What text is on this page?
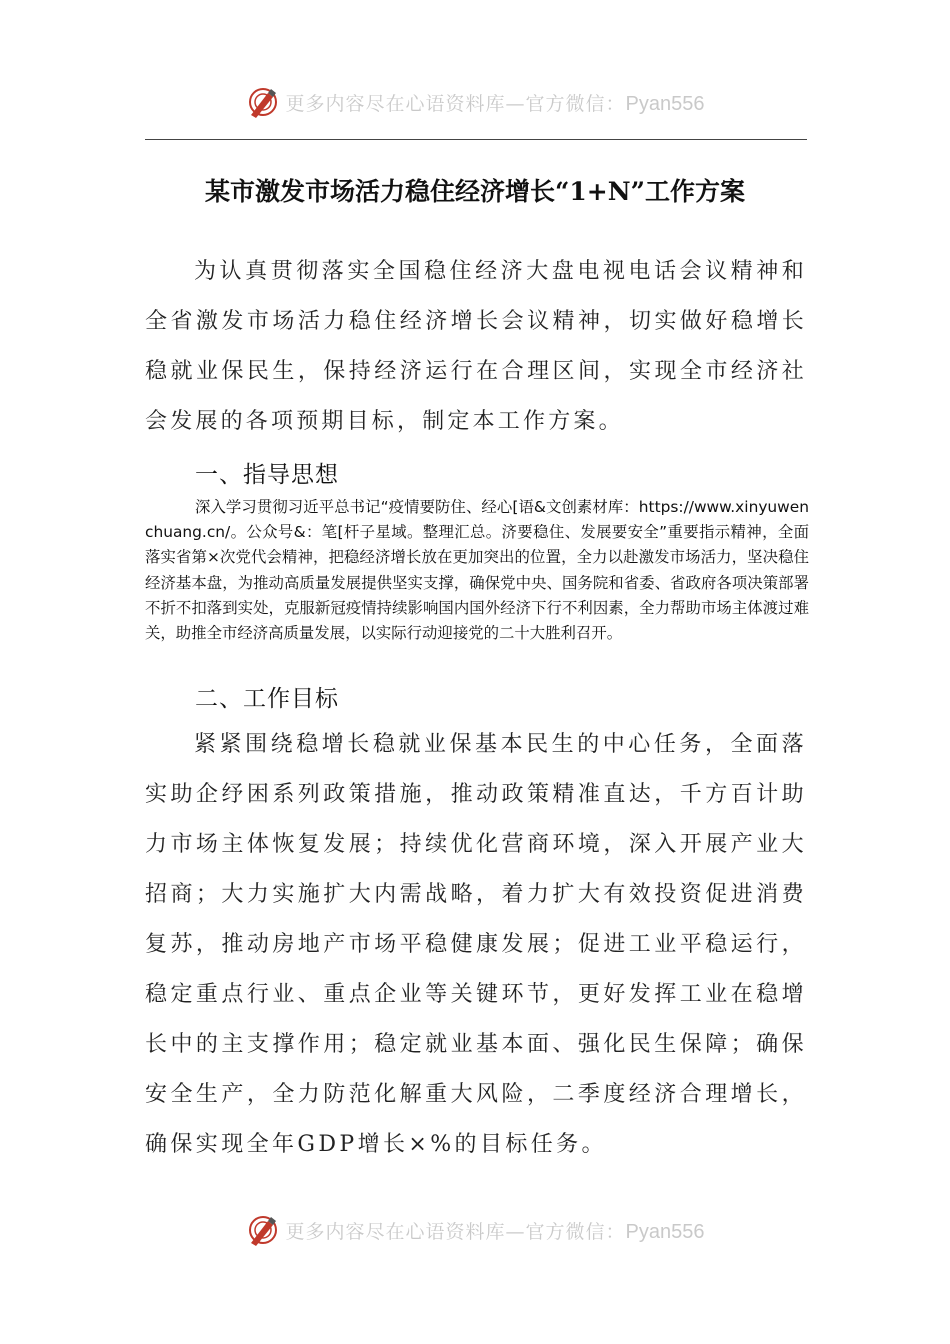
更多内容尽在心语资料库—官方微信：Pyan556
某市激发市场活力稳住经济增长“1+N”工作方案

为认真贯彻落实全国稳住经济大盘电视电话会议精神和全省激发市场活力稳住经济增长会议精神，切实做好稳增长稳就业保民生，保持经济运行在合理区间，实现全市经济社会发展的各项预期目标，制定本工作方案。

一、指导思想

深入学习贯彻习近平总书记“疫情要防住、经心[语&文创素材库：https://www.xinyuwenchuang.cn/。公众号&：笔[杆子星域。整理汇总。济要稳住、发展要安全”重要指示精神，全面落实省第×次党代会精神，把稳经济增长放在更加突出的位置，全力以赴激发市场活力，坚决稳住经济基本盘，为推动高质量发展提供坚实支撑，确保党中央、国务院和省委、省政府各项决策部署不折不扣落到实处，克服新冠疫情持续影响国内国外经济下行不利因素，全力帮助市场主体渡过难关，助推全市经济高质量发展，以实际行动迎接党的二十大胜利召开。

二、工作目标

紧紧围绕稳增长稳就业保基本民生的中心任务，全面落实助企纾困系列政策措施，推动政策精准直达，千方百计助力市场主体恢复发展；持续优化营商环境，深入开展产业大招商；大力实施扩大内需战略，着力扩大有效投资促进消费复苏，推动房地产市场平稳健康发展；促进工业平稳运行，稳定重点行业、重点企业等关键环节，更好发挥工业在稳增长中的主支撑作用；稳定就业基本面、强化民生保障；确保安全生产，全力防范化解重大风险，二季度经济合理增长，确保实现全年GDP增长×%的目标任务。

更多内容尽在心语资料库—官方微信：Pyan556
